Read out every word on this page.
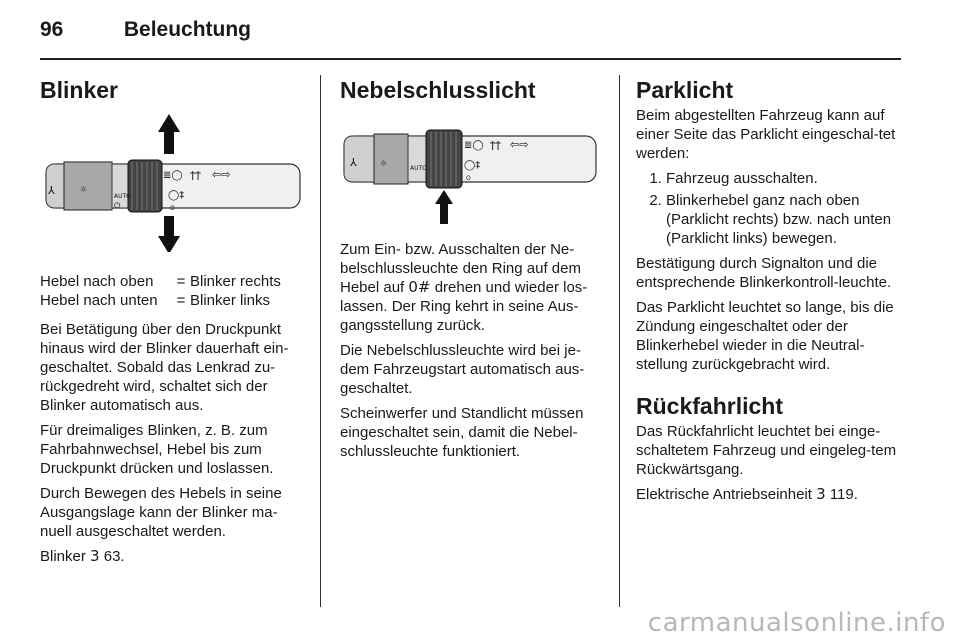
96	Beleuchtung
Blinker
⅄	☼
AUTO
⏻
≣◯ ϯϯ ⇦⇨
◯‡
O
Hebel nach oben	= Blinker rechts
Hebel nach unten	= Blinker links

Bei Betätigung über den Druckpunkt hinaus wird der Blinker dauerhaft ein-geschaltet. Sobald das Lenkrad zu-rückgedreht wird, schaltet sich der Blinker automatisch aus.

Für dreimaliges Blinken, z. B. zum Fahrbahnwechsel, Hebel bis zum Druckpunkt drücken und loslassen.

Durch Bewegen des Hebels in seine Ausgangslage kann der Blinker ma-nuell ausgeschaltet werden.

Blinker 3 63.

Nebelschlusslicht
⅄	☼
AUTO
≣◯ ϯϯ ⇦⇨
◯‡
O

Zum Ein- bzw. Ausschalten der Ne-belschlussleuchte den Ring auf dem Hebel auf 0# drehen und wieder los-lassen. Der Ring kehrt in seine Aus-gangsstellung zurück.

Die Nebelschlussleuchte wird bei je-dem Fahrzeugstart automatisch aus-geschaltet.

Scheinwerfer und Standlicht müssen eingeschaltet sein, damit die Nebel-schlussleuchte funktioniert.

Parklicht

Beim abgestellten Fahrzeug kann auf einer Seite das Parklicht eingeschal-tet werden:

1. Fahrzeug ausschalten.
2. Blinkerhebel ganz nach oben (Parklicht rechts) bzw. nach unten (Parklicht links) bewegen.

Bestätigung durch Signalton und die entsprechende Blinkerkontroll-leuchte.

Das Parklicht leuchtet so lange, bis die Zündung eingeschaltet oder der Blinkerhebel wieder in die Neutral-stellung zurückgebracht wird.

Rückfahrlicht

Das Rückfahrlicht leuchtet bei einge-schaltetem Fahrzeug und eingeleg-tem Rückwärtsgang.

Elektrische Antriebseinheit 3 119.

carmanualsonline.info
